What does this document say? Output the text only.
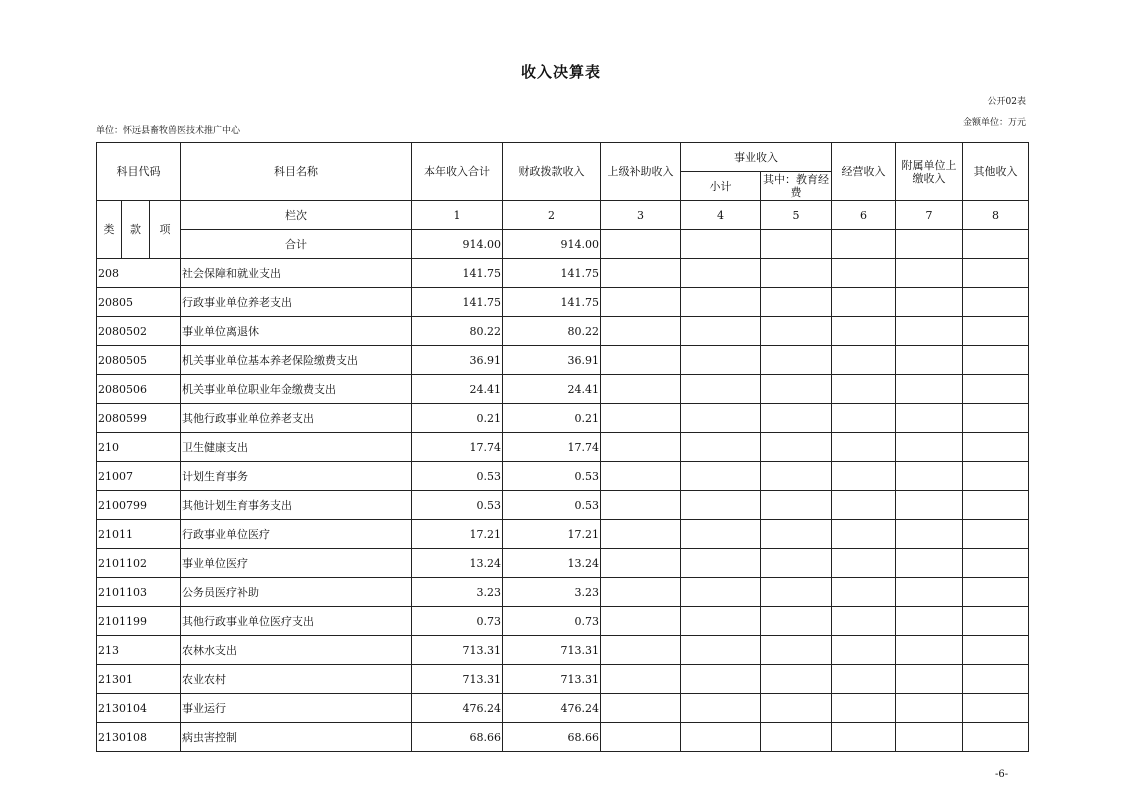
收入决算表
公开02表
单位：怀远县畜牧兽医技术推广中心
金额单位：万元
科目代码			科目名称	本年收入合计	财政拨款收入	上级补助收入	事业收入		经营收入	附属单位上缴收入	其他收入
							小计	其中：教育经费			
类	款	项	栏次	1	2	3	4	5	6	7	8
			合计	914.00	914.00						
208			社会保障和就业支出	141.75	141.75						
20805			行政事业单位养老支出	141.75	141.75						
2080502			事业单位离退休	80.22	80.22						
2080505			机关事业单位基本养老保险缴费支出	36.91	36.91						
2080506			机关事业单位职业年金缴费支出	24.41	24.41						
2080599			其他行政事业单位养老支出	0.21	0.21						
210			卫生健康支出	17.74	17.74						
21007			计划生育事务	0.53	0.53						
2100799			其他计划生育事务支出	0.53	0.53						
21011			行政事业单位医疗	17.21	17.21						
2101102			事业单位医疗	13.24	13.24						
2101103			公务员医疗补助	3.23	3.23						
2101199			其他行政事业单位医疗支出	0.73	0.73						
213			农林水支出	713.31	713.31						
21301			农业农村	713.31	713.31						
2130104			事业运行	476.24	476.24						
2130108			病虫害控制	68.66	68.66						
-6-
